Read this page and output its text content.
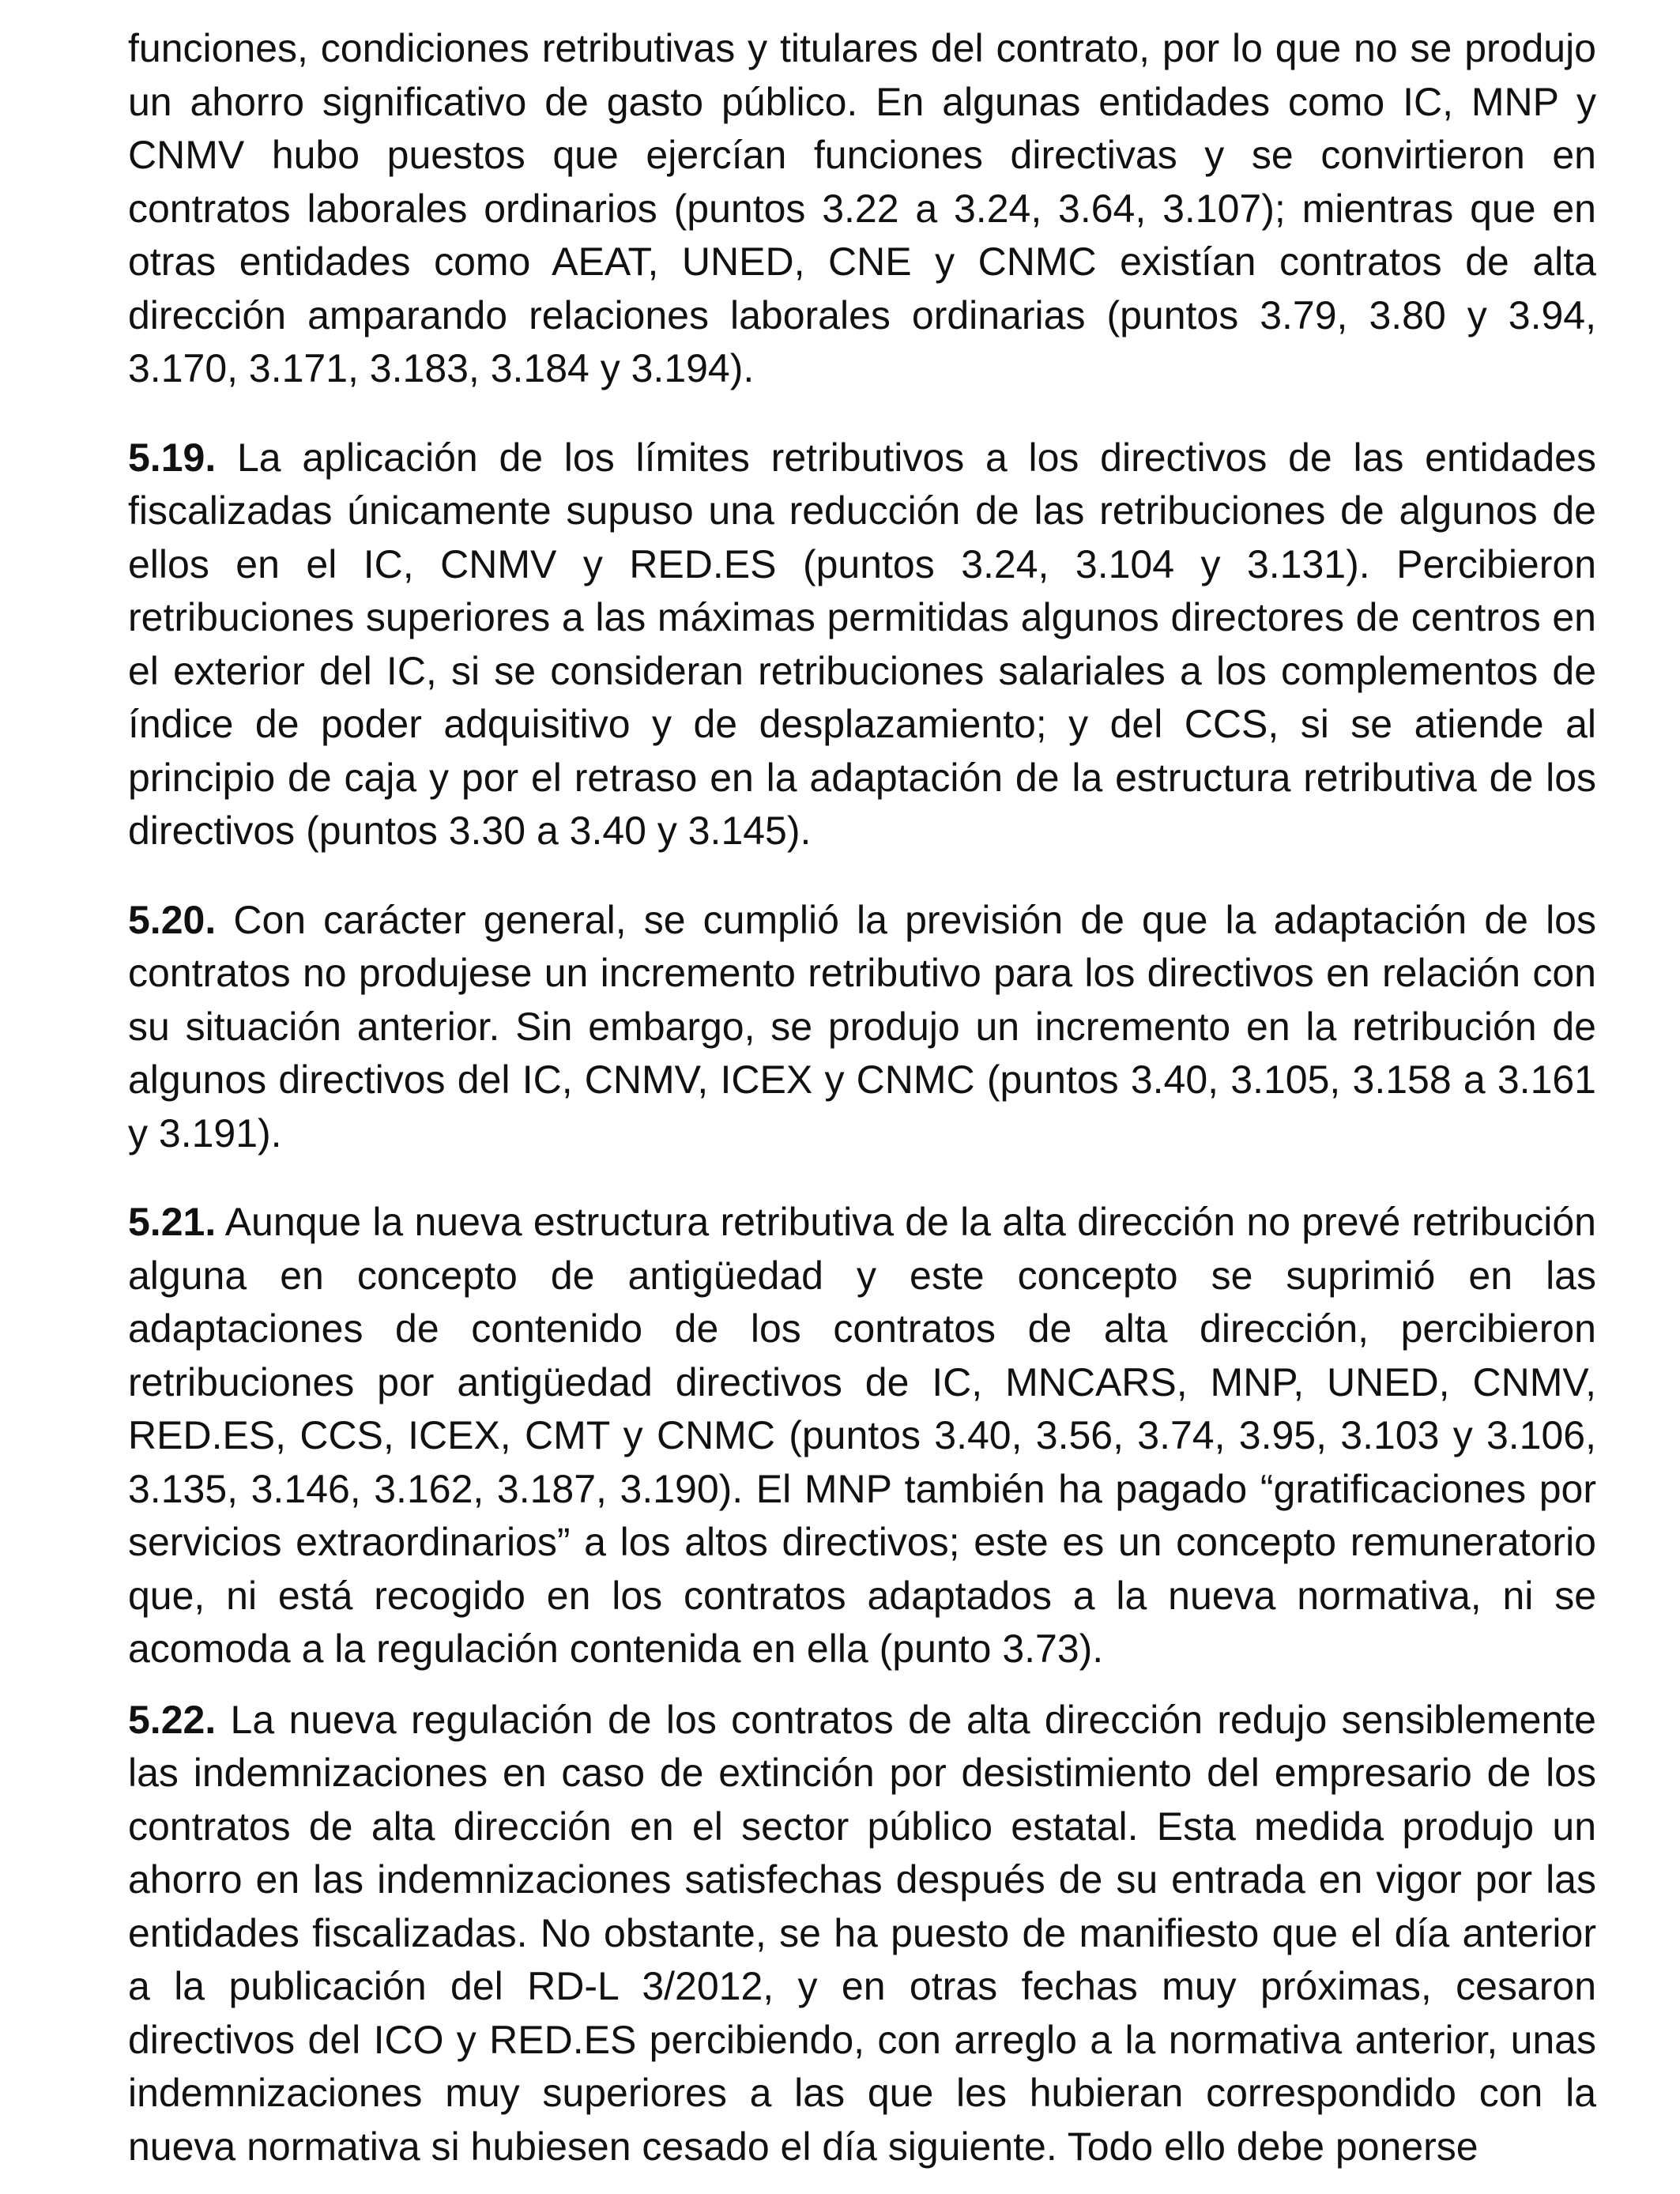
funciones, condiciones retributivas y titulares del contrato, por lo que no se produjo un ahorro significativo de gasto público. En algunas entidades como IC, MNP y CNMV hubo puestos que ejercían funciones directivas y se convirtieron en contratos laborales ordinarios (puntos 3.22 a 3.24, 3.64, 3.107); mientras que en otras entidades como AEAT, UNED, CNE y CNMC existían contratos de alta dirección amparando relaciones laborales ordinarias (puntos 3.79, 3.80 y 3.94, 3.170, 3.171, 3.183, 3.184 y 3.194).

5.19. La aplicación de los límites retributivos a los directivos de las entidades fiscalizadas únicamente supuso una reducción de las retribuciones de algunos de ellos en el IC, CNMV y RED.ES (puntos 3.24, 3.104 y 3.131). Percibieron retribuciones superiores a las máximas permitidas algunos directores de centros en el exterior del IC, si se consideran retribuciones salariales a los complementos de índice de poder adquisitivo y de desplazamiento; y del CCS, si se atiende al principio de caja y por el retraso en la adaptación de la estructura retributiva de los directivos (puntos 3.30 a 3.40 y 3.145).

5.20. Con carácter general, se cumplió la previsión de que la adaptación de los contratos no produjese un incremento retributivo para los directivos en relación con su situación anterior. Sin embargo, se produjo un incremento en la retribución de algunos directivos del IC, CNMV, ICEX y CNMC (puntos 3.40, 3.105, 3.158 a 3.161 y 3.191).

5.21. Aunque la nueva estructura retributiva de la alta dirección no prevé retribución alguna en concepto de antigüedad y este concepto se suprimió en las adaptaciones de contenido de los contratos de alta dirección, percibieron retribuciones por antigüedad directivos de IC, MNCARS, MNP, UNED, CNMV, RED.ES, CCS, ICEX, CMT y CNMC (puntos 3.40, 3.56, 3.74, 3.95, 3.103 y 3.106, 3.135, 3.146, 3.162, 3.187, 3.190). El MNP también ha pagado “gratificaciones por servicios extraordinarios” a los altos directivos; este es un concepto remuneratorio que, ni está recogido en los contratos adaptados a la nueva normativa, ni se acomoda a la regulación contenida en ella (punto 3.73).

5.22. La nueva regulación de los contratos de alta dirección redujo sensiblemente las indemnizaciones en caso de extinción por desistimiento del empresario de los contratos de alta dirección en el sector público estatal. Esta medida produjo un ahorro en las indemnizaciones satisfechas después de su entrada en vigor por las entidades fiscalizadas. No obstante, se ha puesto de manifiesto que el día anterior a la publicación del RD-L 3/2012, y en otras fechas muy próximas, cesaron directivos del ICO y RED.ES percibiendo, con arreglo a la normativa anterior, unas indemnizaciones muy superiores a las que les hubieran correspondido con la nueva normativa si hubiesen cesado el día siguiente. Todo ello debe ponerse
